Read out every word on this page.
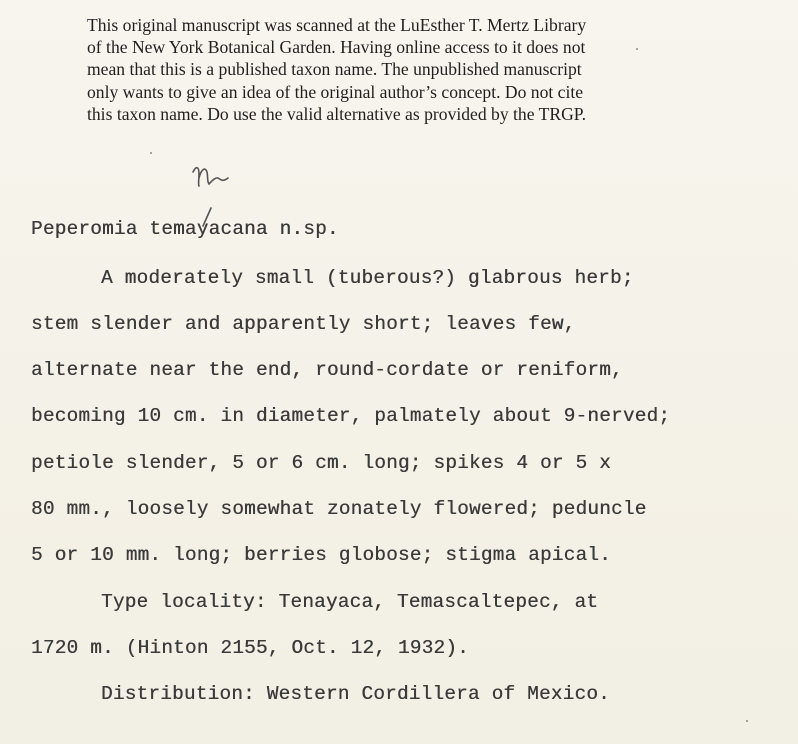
This original manuscript was scanned at the LuEsther T. Mertz Library
of the New York Botanical Garden. Having online access to it does not
mean that this is a published taxon name. The unpublished manuscript
only wants to give an idea of the original author’s concept. Do not cite
this taxon name. Do use the valid alternative as provided by the TRGP.
Peperomia temayacana n.sp.
A moderately small (tuberous?) glabrous herb;
stem slender and apparently short; leaves few,
alternate near the end, round-cordate or reniform,
becoming 10 cm. in diameter, palmately about 9-nerved;
petiole slender, 5 or 6 cm. long; spikes 4 or 5 x
80 mm., loosely somewhat zonately flowered; peduncle
5 or 10 mm. long; berries globose; stigma apical.
Type locality: Tenayaca, Temascaltepec, at
1720 m. (Hinton 2155, Oct. 12, 1932).
Distribution: Western Cordillera of Mexico.
